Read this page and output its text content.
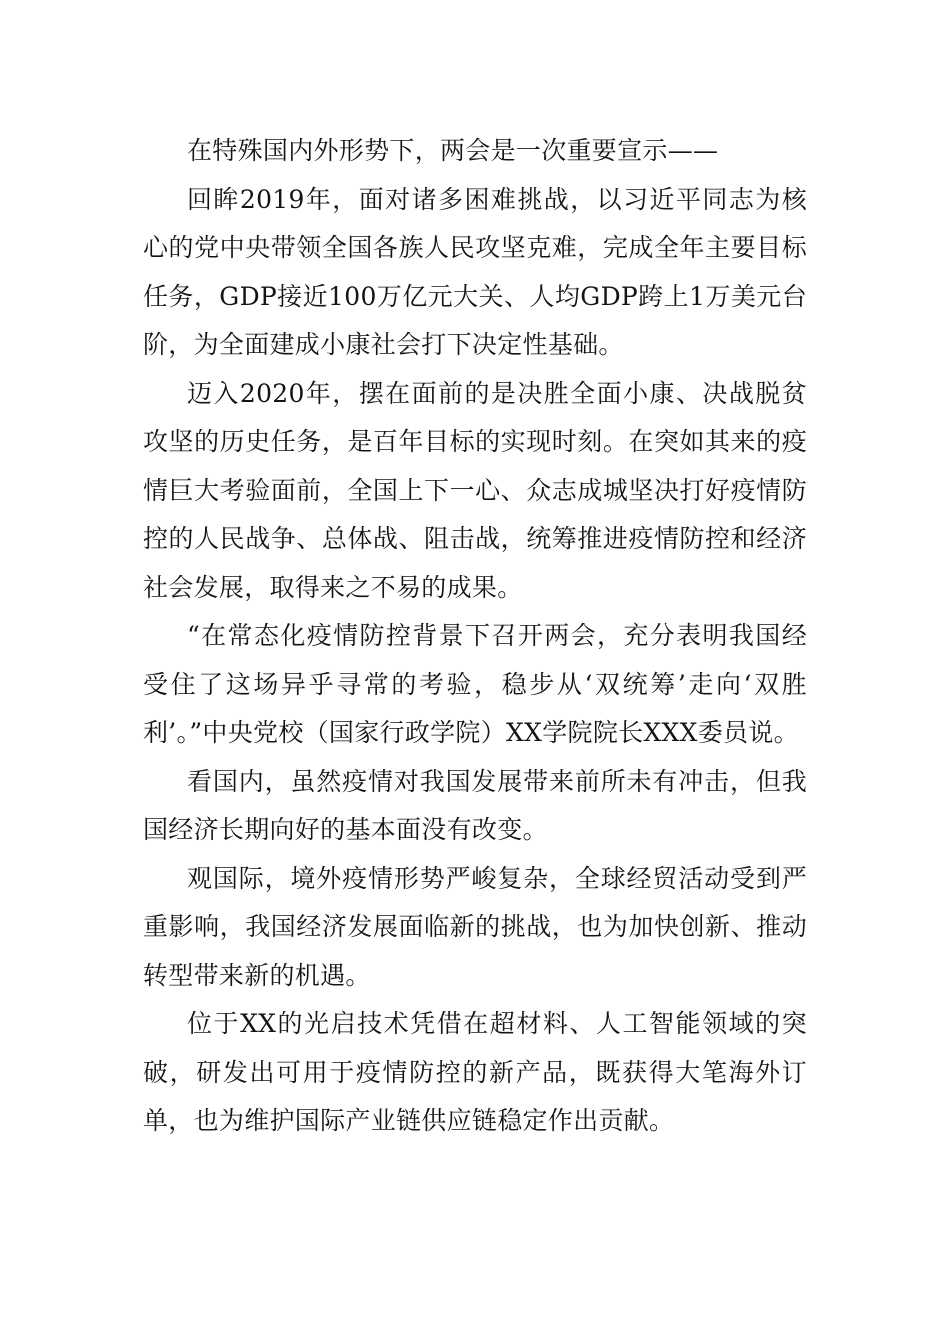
在特殊国内外形势下，两会是一次重要宣示——

回眸2019年，面对诸多困难挑战，以习近平同志为核心的党中央带领全国各族人民攻坚克难，完成全年主要目标任务，GDP接近100万亿元大关、人均GDP跨上1万美元台阶，为全面建成小康社会打下决定性基础。

迈入2020年，摆在面前的是决胜全面小康、决战脱贫攻坚的历史任务，是百年目标的实现时刻。在突如其来的疫情巨大考验面前，全国上下一心、众志成城坚决打好疫情防控的人民战争、总体战、阻击战，统筹推进疫情防控和经济社会发展，取得来之不易的成果。

“在常态化疫情防控背景下召开两会，充分表明我国经受住了这场异乎寻常的考验，稳步从‘双统筹’走向‘双胜利’。”中央党校（国家行政学院）XX学院院长XXX委员说。

看国内，虽然疫情对我国发展带来前所未有冲击，但我国经济长期向好的基本面没有改变。

观国际，境外疫情形势严峻复杂，全球经贸活动受到严重影响，我国经济发展面临新的挑战，也为加快创新、推动转型带来新的机遇。

位于XX的光启技术凭借在超材料、人工智能领域的突破，研发出可用于疫情防控的新产品，既获得大笔海外订单，也为维护国际产业链供应链稳定作出贡献。
